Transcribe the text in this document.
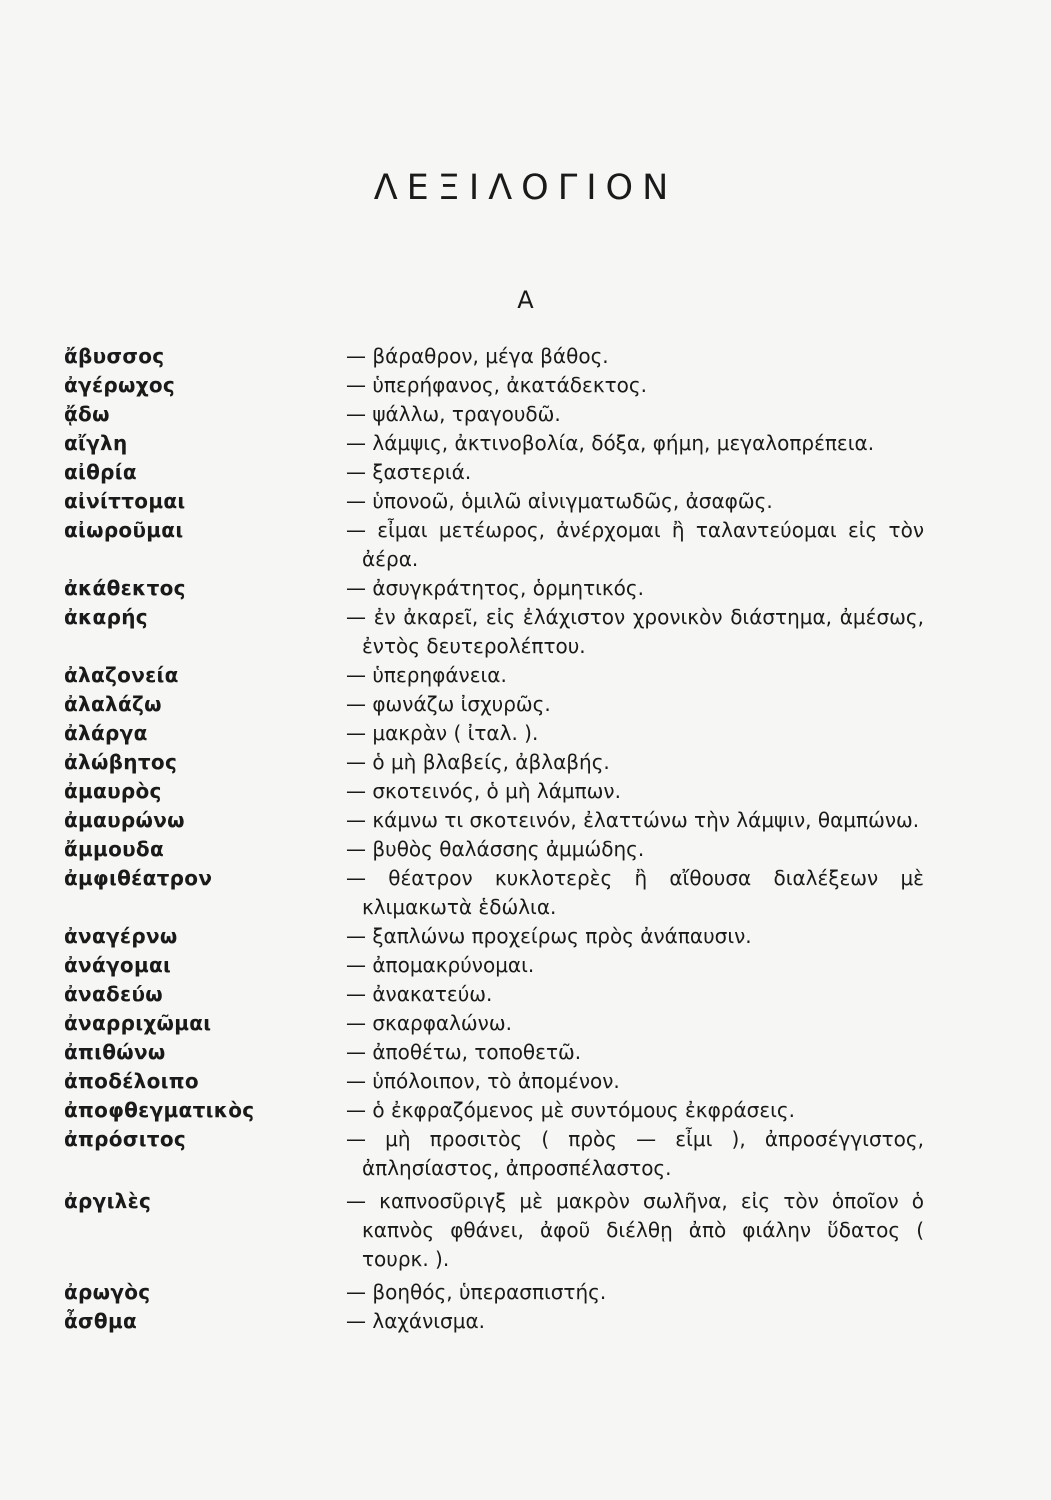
ΛΕΞΙΛΟΓΙΟΝ
Α
ἄβυσσος	— βάραθρον, μέγα βάθος.
ἀγέρωχος	— ὑπερήφανος, ἀκατάδεκτος.
ᾄδω	— ψάλλω, τραγουδῶ.
αἴγλη	— λάμψις, ἀκτινοβολία, δόξα, φήμη, μεγαλοπρέπεια.
αἰθρία	— ξαστεριά.
αἰνίττομαι	— ὑπονοῶ, ὁμιλῶ αἰνιγματωδῶς, ἀσαφῶς.
αἰωροῦμαι	— εἶμαι μετέωρος, ἀνέρχομαι ἢ ταλαντεύομαι εἰς τὸν ἀέρα.
ἀκάθεκτος	— ἀσυγκράτητος, ὁρμητικός.
ἀκαρής	— ἐν ἀκαρεῖ, εἰς ἐλάχιστον χρονικὸν διάστημα, ἀμέσως, ἐντὸς δευτερολέπτου.
ἀλαζονεία	— ὑπερηφάνεια.
ἀλαλάζω	— φωνάζω ἰσχυρῶς.
ἀλάργα	— μακρὰν ( ἰταλ. ).
ἀλώβητος	— ὁ μὴ βλαβείς, ἀβλαβής.
ἀμαυρὸς	— σκοτεινός, ὁ μὴ λάμπων.
ἀμαυρώνω	— κάμνω τι σκοτεινόν, ἐλαττώνω τὴν λάμψιν, θαμπώνω.
ἄμμουδα	— βυθὸς θαλάσσης ἀμμώδης.
ἀμφιθέατρον	— θέατρον κυκλοτερὲς ἢ αἴθουσα διαλέξεων μὲ κλιμακωτὰ ἑδώλια.
ἀναγέρνω	— ξαπλώνω προχείρως πρὸς ἀνάπαυσιν.
ἀνάγομαι	— ἀπομακρύνομαι.
ἀναδεύω	— ἀνακατεύω.
ἀναρριχῶμαι	— σκαρφαλώνω.
ἀπιθώνω	— ἀποθέτω, τοποθετῶ.
ἀποδέλοιπο	— ὑπόλοιπον, τὸ ἀπομένον.
ἀποφθεγματικὸς	— ὁ ἐκφραζόμενος μὲ συντόμους ἐκφράσεις.
ἀπρόσιτος	— μὴ προσιτὸς ( πρὸς — εἶμι ), ἀπροσέγγιστος, ἀπλησίαστος, ἀπροσπέλαστος.
ἀργιλὲς	— καπνοσῦριγξ μὲ μακρὸν σωλῆνα, εἰς τὸν ὁποῖον ὁ καπνὸς φθάνει, ἀφοῦ διέλθῃ ἀπὸ φιάλην ὕδατος ( τουρκ. ).
ἀρωγὸς	— βοηθός, ὑπερασπιστής.
ἆσθμα	— λαχάνισμα.
